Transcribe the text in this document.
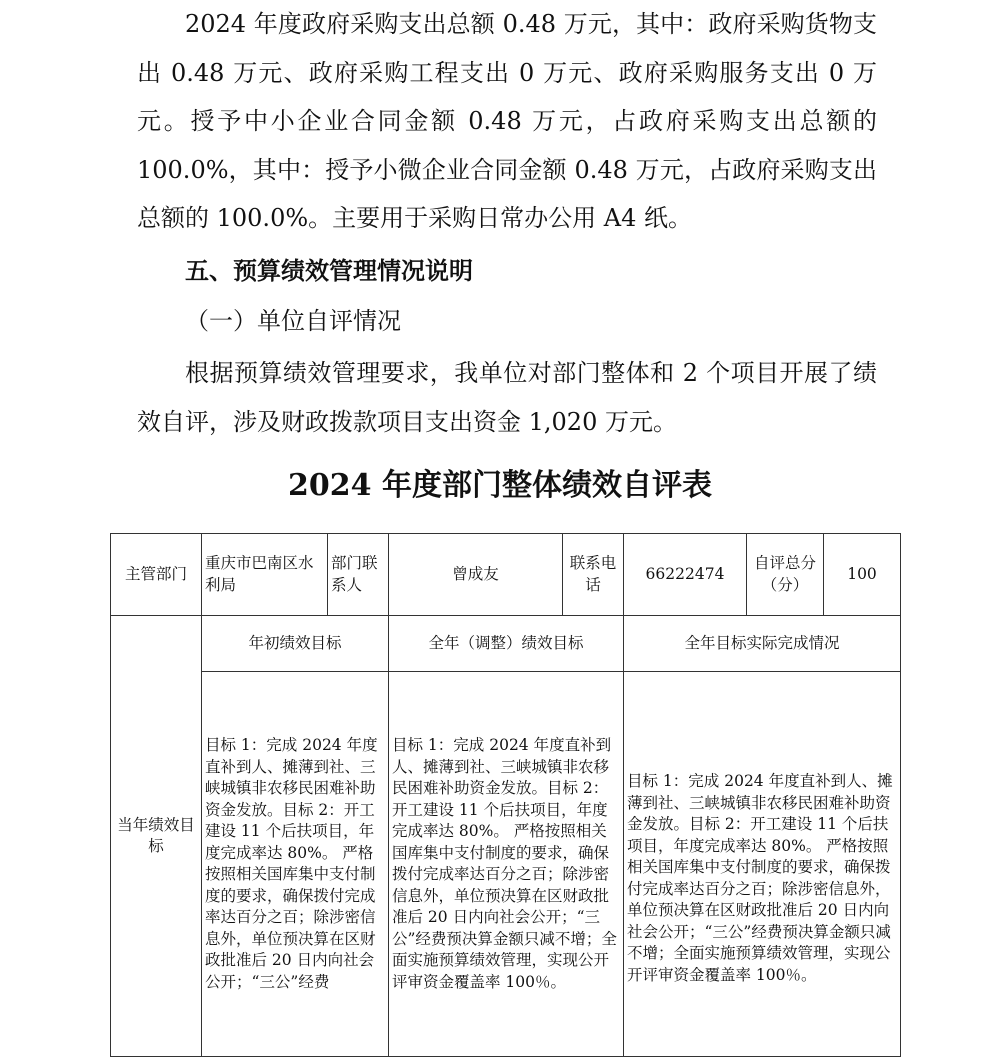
2024 年度政府采购支出总额 0.48 万元，其中：政府采购货物支出 0.48 万元、政府采购工程支出 0 万元、政府采购服务支出 0 万元。授予中小企业合同金额 0.48 万元，占政府采购支出总额的 100.0%，其中：授予小微企业合同金额 0.48 万元，占政府采购支出总额的 100.0%。主要用于采购日常办公用 A4 纸。

五、预算绩效管理情况说明

（一）单位自评情况

根据预算绩效管理要求，我单位对部门整体和 2 个项目开展了绩效自评，涉及财政拨款项目支出资金 1,020 万元。

2024 年度部门整体绩效自评表
主管部门	重庆市巴南区水利局	部门联系人	曾成友	联系电话	66222474	自评总分（分）	100
当年绩效目标	年初绩效目标		全年（调整）绩效目标		全年目标实际完成情况		
	目标 1：完成 2024 年度直补到人、摊薄到社、三峡城镇非农移民困难补助资金发放。目标 2：开工建设 11 个后扶项目，年度完成率达 80%。 严格按照相关国库集中支付制度的要求，确保拨付完成率达百分之百；除涉密信息外，单位预决算在区财政批准后 20 日内向社会公开；“三公”经费		目标 1：完成 2024 年度直补到人、摊薄到社、三峡城镇非农移民困难补助资金发放。目标 2：开工建设 11 个后扶项目，年度完成率达 80%。 严格按照相关国库集中支付制度的要求，确保拨付完成率达百分之百；除涉密信息外，单位预决算在区财政批准后 20 日内向社会公开；“三公”经费预决算金额只减不增；全面实施预算绩效管理，实现公开评审资金覆盖率 100％。		目标 1：完成 2024 年度直补到人、摊薄到社、三峡城镇非农移民困难补助资金发放。目标 2：开工建设 11 个后扶项目，年度完成率达 80%。 严格按照相关国库集中支付制度的要求，确保拨付完成率达百分之百；除涉密信息外，单位预决算在区财政批准后 20 日内向社会公开；“三公”经费预决算金额只减不增；全面实施预算绩效管理，实现公开评审资金覆盖率 100％。		
